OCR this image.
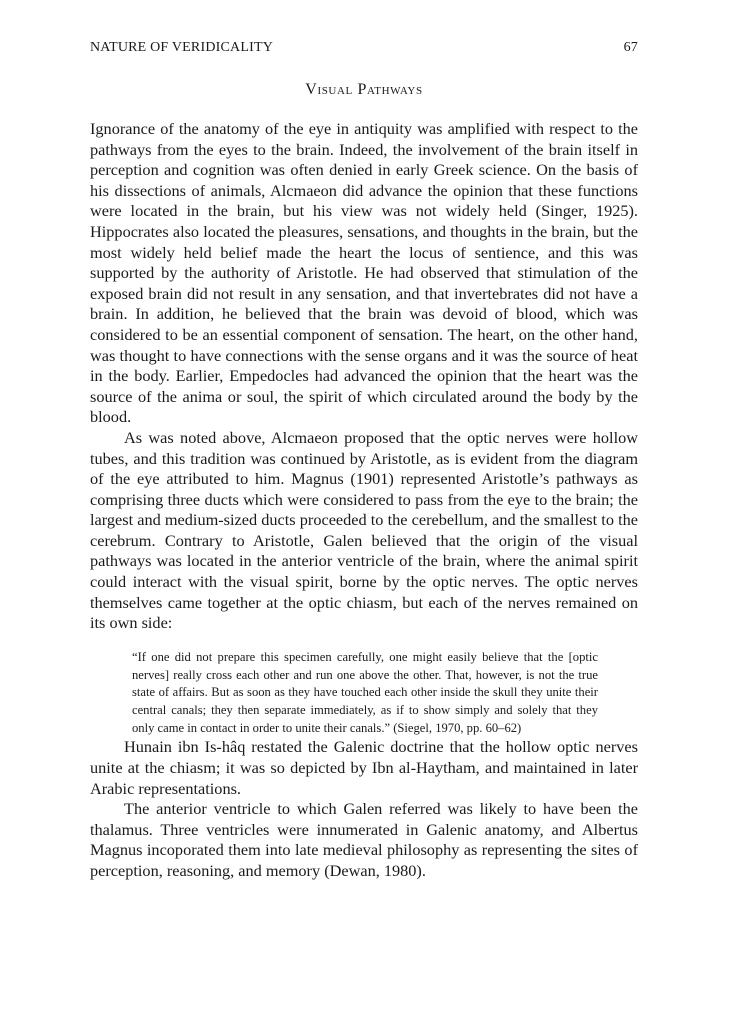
NATURE OF VERIDICALITY	67
Visual Pathways

Ignorance of the anatomy of the eye in antiquity was amplified with respect to the pathways from the eyes to the brain. Indeed, the involvement of the brain itself in perception and cognition was often denied in early Greek science. On the basis of his dissections of animals, Alcmaeon did advance the opinion that these functions were located in the brain, but his view was not widely held (Singer, 1925). Hippocrates also located the pleasures, sensations, and thoughts in the brain, but the most widely held belief made the heart the locus of sentience, and this was supported by the authority of Aristotle. He had observed that stimulation of the exposed brain did not result in any sensation, and that invertebrates did not have a brain. In addition, he believed that the brain was devoid of blood, which was considered to be an essential component of sensation. The heart, on the other hand, was thought to have connections with the sense organs and it was the source of heat in the body. Earlier, Empedocles had advanced the opinion that the heart was the source of the anima or soul, the spirit of which circulated around the body by the blood.

As was noted above, Alcmaeon proposed that the optic nerves were hollow tubes, and this tradition was continued by Aristotle, as is evident from the diagram of the eye attributed to him. Magnus (1901) represented Aristotle’s pathways as comprising three ducts which were considered to pass from the eye to the brain; the largest and medium-sized ducts proceeded to the cerebellum, and the smallest to the cerebrum. Contrary to Aristotle, Galen believed that the origin of the visual pathways was located in the anterior ventricle of the brain, where the animal spirit could interact with the visual spirit, borne by the optic nerves. The optic nerves themselves came together at the optic chiasm, but each of the nerves remained on its own side:

“If one did not prepare this specimen carefully, one might easily believe that the [optic nerves] really cross each other and run one above the other. That, however, is not the true state of affairs. But as soon as they have touched each other inside the skull they unite their central canals; they then separate immediately, as if to show simply and solely that they only came in contact in order to unite their canals.” (Siegel, 1970, pp. 60–62)

Hunain ibn Is-hâq restated the Galenic doctrine that the hollow optic nerves unite at the chiasm; it was so depicted by Ibn al-Haytham, and maintained in later Arabic representations.

The anterior ventricle to which Galen referred was likely to have been the thalamus. Three ventricles were innumerated in Galenic anatomy, and Albertus Magnus incoporated them into late medieval philosophy as representing the sites of perception, reasoning, and memory (Dewan, 1980).
